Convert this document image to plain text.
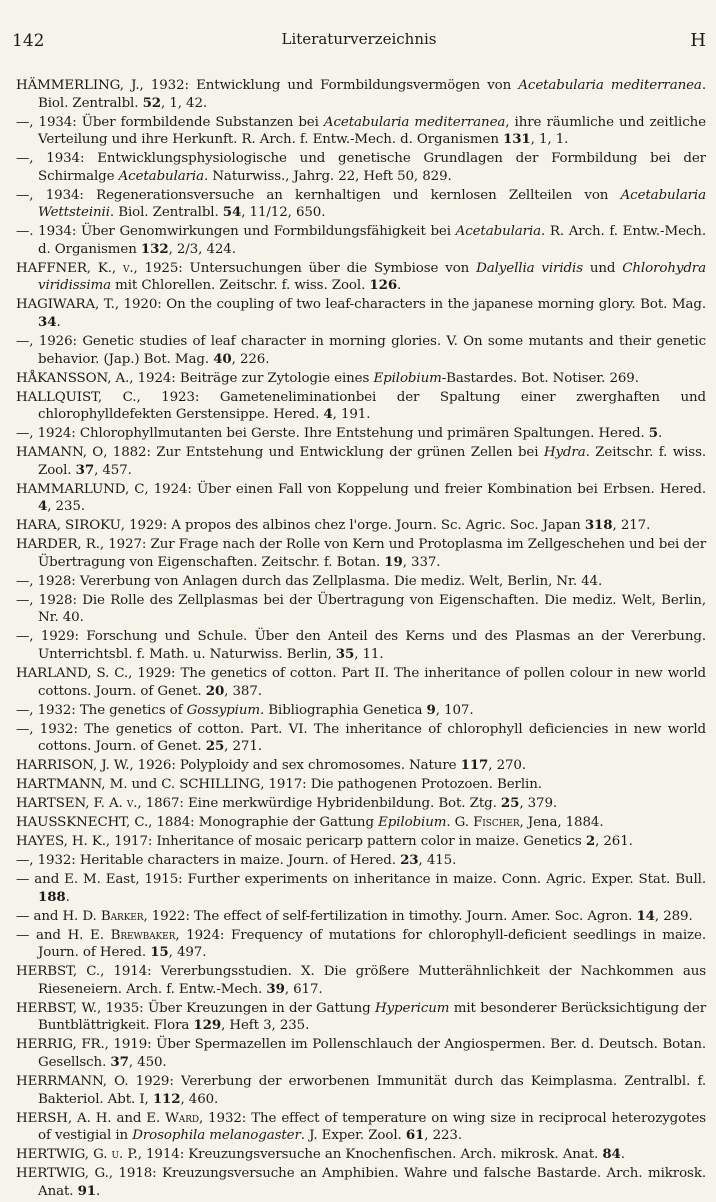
142	Literaturverzeichnis	H

HÄMMERLING, J., 1932: Entwicklung und Formbildungsvermögen von Acetabularia mediterranea. Biol. Zentralbl. 52, 1, 42.

—, 1934: Über formbildende Substanzen bei Acetabularia mediterranea, ihre räumliche und zeitliche Verteilung und ihre Herkunft. R. Arch. f. Entw.-Mech. d. Organismen 131, 1, 1.

—, 1934: Entwicklungsphysiologische und genetische Grundlagen der Formbildung bei der Schirmalge Acetabularia. Naturwiss., Jahrg. 22, Heft 50, 829.

—, 1934: Regenerationsversuche an kernhaltigen und kernlosen Zellteilen von Acetabularia Wettsteinii. Biol. Zentralbl. 54, 11/12, 650.

—. 1934: Über Genomwirkungen und Formbildungsfähigkeit bei Acetabularia. R. Arch. f. Entw.-Mech. d. Organismen 132, 2/3, 424.

HAFFNER, K., v., 1925: Untersuchungen über die Symbiose von Dalyellia viridis und Chlorohydra viridissima mit Chlorellen. Zeitschr. f. wiss. Zool. 126.

HAGIWARA, T., 1920: On the coupling of two leaf-characters in the japanese morning glory. Bot. Mag. 34.

—, 1926: Genetic studies of leaf character in morning glories. V. On some mutants and their genetic behavior. (Jap.) Bot. Mag. 40, 226.

HÅKANSSON, A., 1924: Beiträge zur Zytologie eines Epilobium-Bastardes. Bot. Notiser. 269.

HALLQUIST, C., 1923: Gameteneliminationbei der Spaltung einer zwerghaften und chlorophylldefekten Gerstensippe. Hered. 4, 191.

—, 1924: Chlorophyllmutanten bei Gerste. Ihre Entstehung und primären Spaltungen. Hered. 5.

HAMANN, O, 1882: Zur Entstehung und Entwicklung der grünen Zellen bei Hydra. Zeitschr. f. wiss. Zool. 37, 457.

HAMMARLUND, C, 1924: Über einen Fall von Koppelung und freier Kombination bei Erbsen. Hered. 4, 235.

HARA, SIROKU, 1929: A propos des albinos chez l'orge. Journ. Sc. Agric. Soc. Japan 318, 217.

HARDER, R., 1927: Zur Frage nach der Rolle von Kern und Protoplasma im Zellgeschehen und bei der Übertragung von Eigenschaften. Zeitschr. f. Botan. 19, 337.

—, 1928: Vererbung von Anlagen durch das Zellplasma. Die mediz. Welt, Berlin, Nr. 44.

—, 1928: Die Rolle des Zellplasmas bei der Übertragung von Eigenschaften. Die mediz. Welt, Berlin, Nr. 40.

—, 1929: Forschung und Schule. Über den Anteil des Kerns und des Plasmas an der Vererbung. Unterrichtsbl. f. Math. u. Naturwiss. Berlin, 35, 11.

HARLAND, S. C., 1929: The genetics of cotton. Part II. The inheritance of pollen colour in new world cottons. Journ. of Genet. 20, 387.

—, 1932: The genetics of Gossypium. Bibliographia Genetica 9, 107.

—, 1932: The genetics of cotton. Part. VI. The inheritance of chlorophyll deficiencies in new world cottons. Journ. of Genet. 25, 271.

HARRISON, J. W., 1926: Polyploidy and sex chromosomes. Nature 117, 270.

HARTMANN, M. und C. SCHILLING, 1917: Die pathogenen Protozoen. Berlin.

HARTSEN, F. A. v., 1867: Eine merkwürdige Hybridenbildung. Bot. Ztg. 25, 379.

HAUSSKNECHT, C., 1884: Monographie der Gattung Epilobium. G. Fischer, Jena, 1884.

HAYES, H. K., 1917: Inheritance of mosaic pericarp pattern color in maize. Genetics 2, 261.

—, 1932: Heritable characters in maize. Journ. of Hered. 23, 415.

— and E. M. East, 1915: Further experiments on inheritance in maize. Conn. Agric. Exper. Stat. Bull. 188.

— and H. D. Barker, 1922: The effect of self-fertilization in timothy. Journ. Amer. Soc. Agron. 14, 289.

— and H. E. Brewbaker, 1924: Frequency of mutations for chlorophyll-deficient seedlings in maize. Journ. of Hered. 15, 497.

HERBST, C., 1914: Vererbungsstudien. X. Die größere Mutterähnlichkeit der Nachkommen aus Rieseneiern. Arch. f. Entw.-Mech. 39, 617.

HERBST, W., 1935: Über Kreuzungen in der Gattung Hypericum mit besonderer Berücksichtigung der Buntblättrigkeit. Flora 129, Heft 3, 235.

HERRIG, FR., 1919: Über Spermazellen im Pollenschlauch der Angiospermen. Ber. d. Deutsch. Botan. Gesellsch. 37, 450.

HERRMANN, O. 1929: Vererbung der erworbenen Immunität durch das Keimplasma. Zentralbl. f. Bakteriol. Abt. I, 112, 460.

HERSH, A. H. and E. Ward, 1932: The effect of temperature on wing size in reciprocal heterozygotes of vestigial in Drosophila melanogaster. J. Exper. Zool. 61, 223.

HERTWIG, G. u. P., 1914: Kreuzungsversuche an Knochenfischen. Arch. mikrosk. Anat. 84.

HERTWIG, G., 1918: Kreuzungsversuche an Amphibien. Wahre und falsche Bastarde. Arch. mikrosk. Anat. 91.
